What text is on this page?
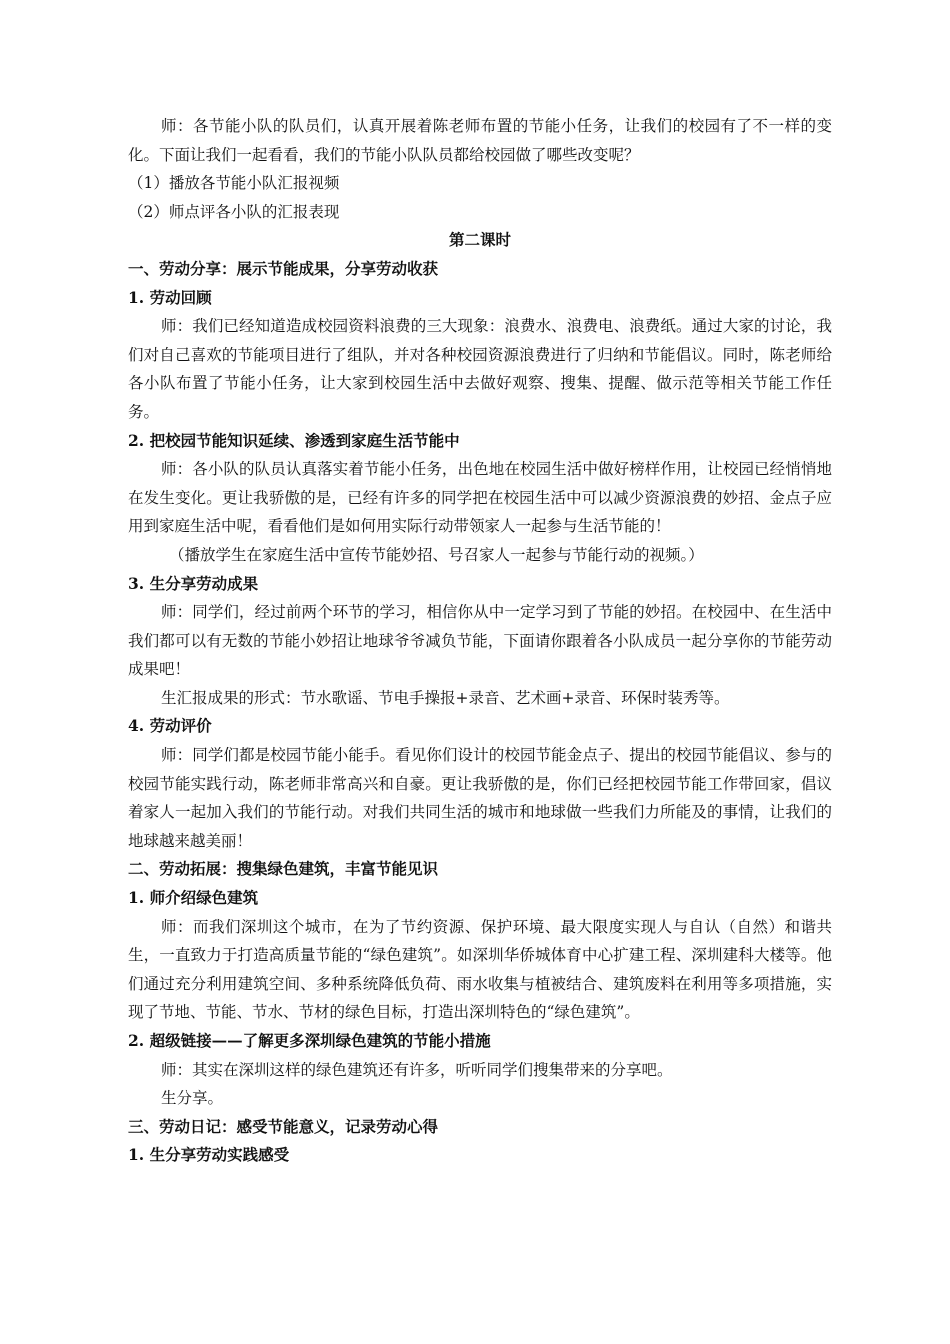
师：各节能小队的队员们，认真开展着陈老师布置的节能小任务，让我们的校园有了不一样的变化。下面让我们一起看看，我们的节能小队队员都给校园做了哪些改变呢？

（1）播放各节能小队汇报视频

（2）师点评各小队的汇报表现

第二课时

一、劳动分享：展示节能成果，分享劳动收获

1. 劳动回顾

师：我们已经知道造成校园资料浪费的三大现象：浪费水、浪费电、浪费纸。通过大家的讨论，我们对自己喜欢的节能项目进行了组队，并对各种校园资源浪费进行了归纳和节能倡议。同时，陈老师给各小队布置了节能小任务，让大家到校园生活中去做好观察、搜集、提醒、做示范等相关节能工作任务。

2. 把校园节能知识延续、渗透到家庭生活节能中

师：各小队的队员认真落实着节能小任务，出色地在校园生活中做好榜样作用，让校园已经悄悄地在发生变化。更让我骄傲的是，已经有许多的同学把在校园生活中可以减少资源浪费的妙招、金点子应用到家庭生活中呢，看看他们是如何用实际行动带领家人一起参与生活节能的！

（播放学生在家庭生活中宣传节能妙招、号召家人一起参与节能行动的视频。）

3. 生分享劳动成果

师：同学们，经过前两个环节的学习，相信你从中一定学习到了节能的妙招。在校园中、在生活中我们都可以有无数的节能小妙招让地球爷爷减负节能，下面请你跟着各小队成员一起分享你的节能劳动成果吧！

生汇报成果的形式：节水歌谣、节电手操报+录音、艺术画+录音、环保时装秀等。

4. 劳动评价

师：同学们都是校园节能小能手。看见你们设计的校园节能金点子、提出的校园节能倡议、参与的校园节能实践行动，陈老师非常高兴和自豪。更让我骄傲的是，你们已经把校园节能工作带回家，倡议着家人一起加入我们的节能行动。对我们共同生活的城市和地球做一些我们力所能及的事情，让我们的地球越来越美丽！

二、劳动拓展：搜集绿色建筑，丰富节能见识

1. 师介绍绿色建筑

师：而我们深圳这个城市，在为了节约资源、保护环境、最大限度实现人与自认（自然）和谐共生，一直致力于打造高质量节能的“绿色建筑”。如深圳华侨城体育中心扩建工程、深圳建科大楼等。他们通过充分利用建筑空间、多种系统降低负荷、雨水收集与植被结合、建筑废料在利用等多项措施，实现了节地、节能、节水、节材的绿色目标，打造出深圳特色的“绿色建筑”。

2. 超级链接——了解更多深圳绿色建筑的节能小措施

师：其实在深圳这样的绿色建筑还有许多，听听同学们搜集带来的分享吧。

生分享。

三、劳动日记：感受节能意义，记录劳动心得

1. 生分享劳动实践感受
